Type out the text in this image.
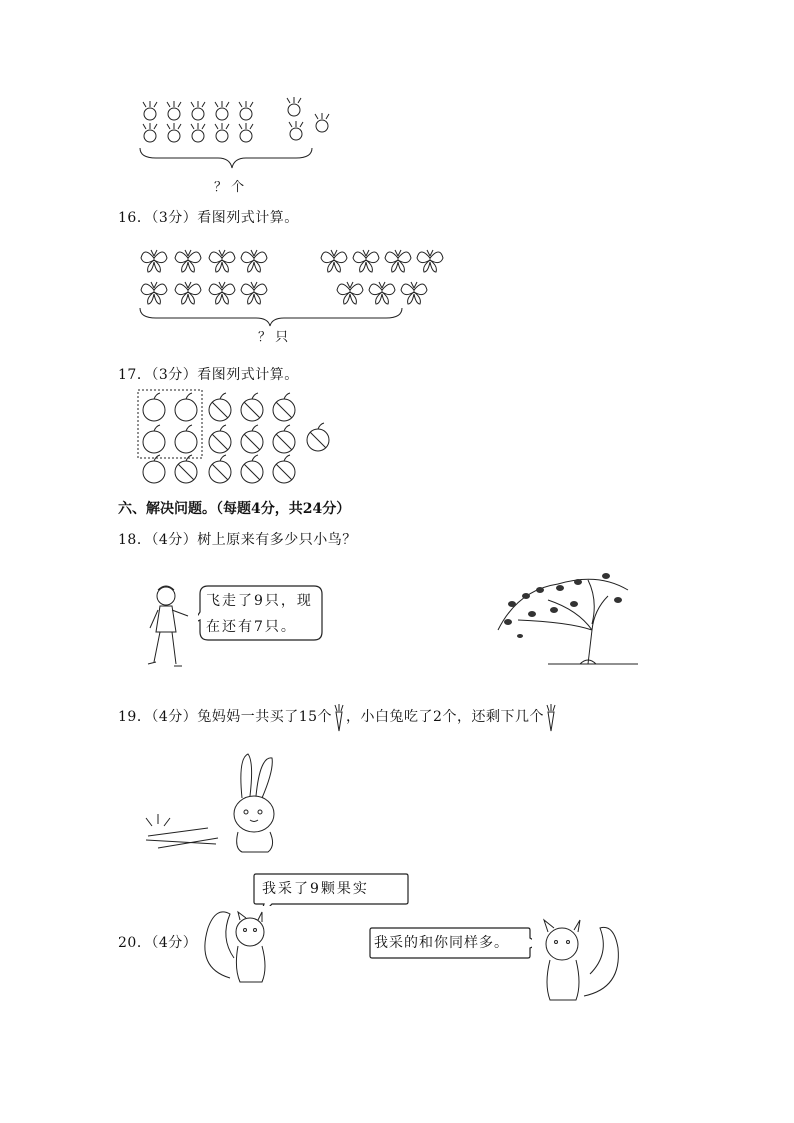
？ 个
16．（3分）看图列式计算。
？ 只
17．（3分）看图列式计算。
六、解决问题。（每题4分，共24分）
18．（4分）树上原来有多少只小鸟？
飞走了9只，现
在还有7只。
19．（4分）兔妈妈一共买了15个 ，小白兔吃了2个，还剩下几个
20．（4分）
我采了9颗果实
我采的和你同样多。
